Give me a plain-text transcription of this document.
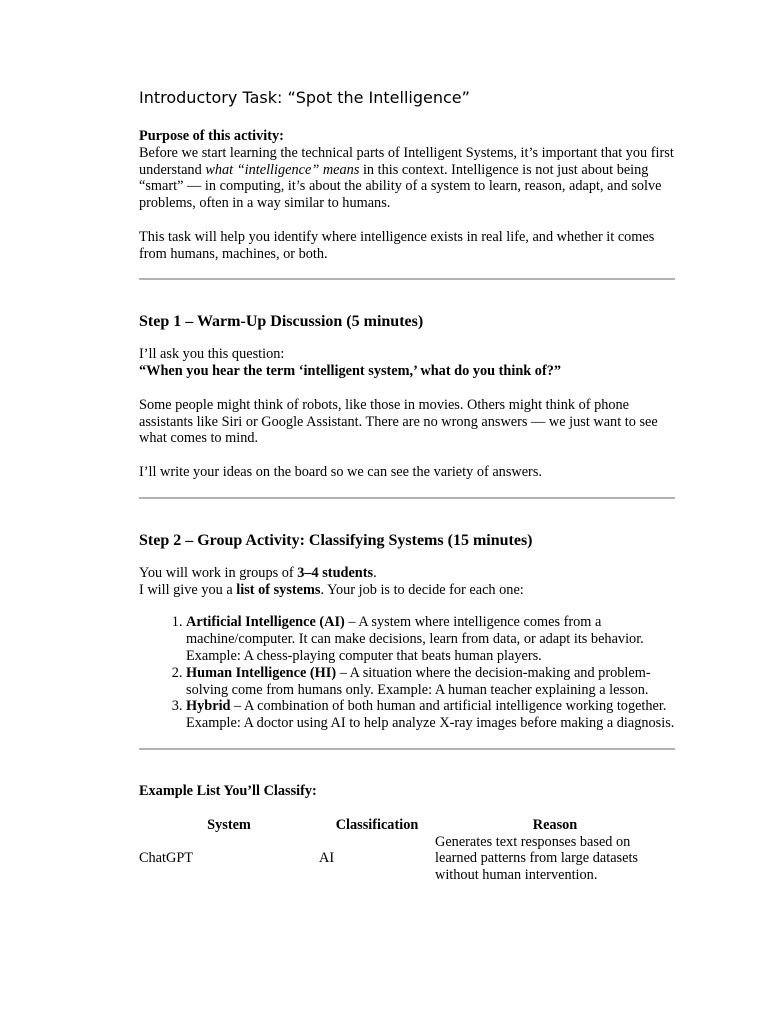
Introductory Task: “Spot the Intelligence”

Purpose of this activity:

Before we start learning the technical parts of Intelligent Systems, it’s important that you first understand what “intelligence” means in this context. Intelligence is not just about being “smart” — in computing, it’s about the ability of a system to learn, reason, adapt, and solve problems, often in a way similar to humans.

This task will help you identify where intelligence exists in real life, and whether it comes from humans, machines, or both.

Step 1 – Warm-Up Discussion (5 minutes)

I’ll ask you this question:

“When you hear the term ‘intelligent system,’ what do you think of?”

Some people might think of robots, like those in movies. Others might think of phone assistants like Siri or Google Assistant. There are no wrong answers — we just want to see what comes to mind.

I’ll write your ideas on the board so we can see the variety of answers.

Step 2 – Group Activity: Classifying Systems (15 minutes)

You will work in groups of 3–4 students.

I will give you a list of systems. Your job is to decide for each one:

1. Artificial Intelligence (AI) – A system where intelligence comes from a machine/computer. It can make decisions, learn from data, or adapt its behavior. Example: A chess-playing computer that beats human players.
2. Human Intelligence (HI) – A situation where the decision-making and problem-solving come from humans only. Example: A human teacher explaining a lesson.
3. Hybrid – A combination of both human and artificial intelligence working together. Example: A doctor using AI to help analyze X-ray images before making a diagnosis.

Example List You’ll Classify:

System	Classification	Reason
ChatGPT	AI	Generates text responses based on learned patterns from large datasets without human intervention.
